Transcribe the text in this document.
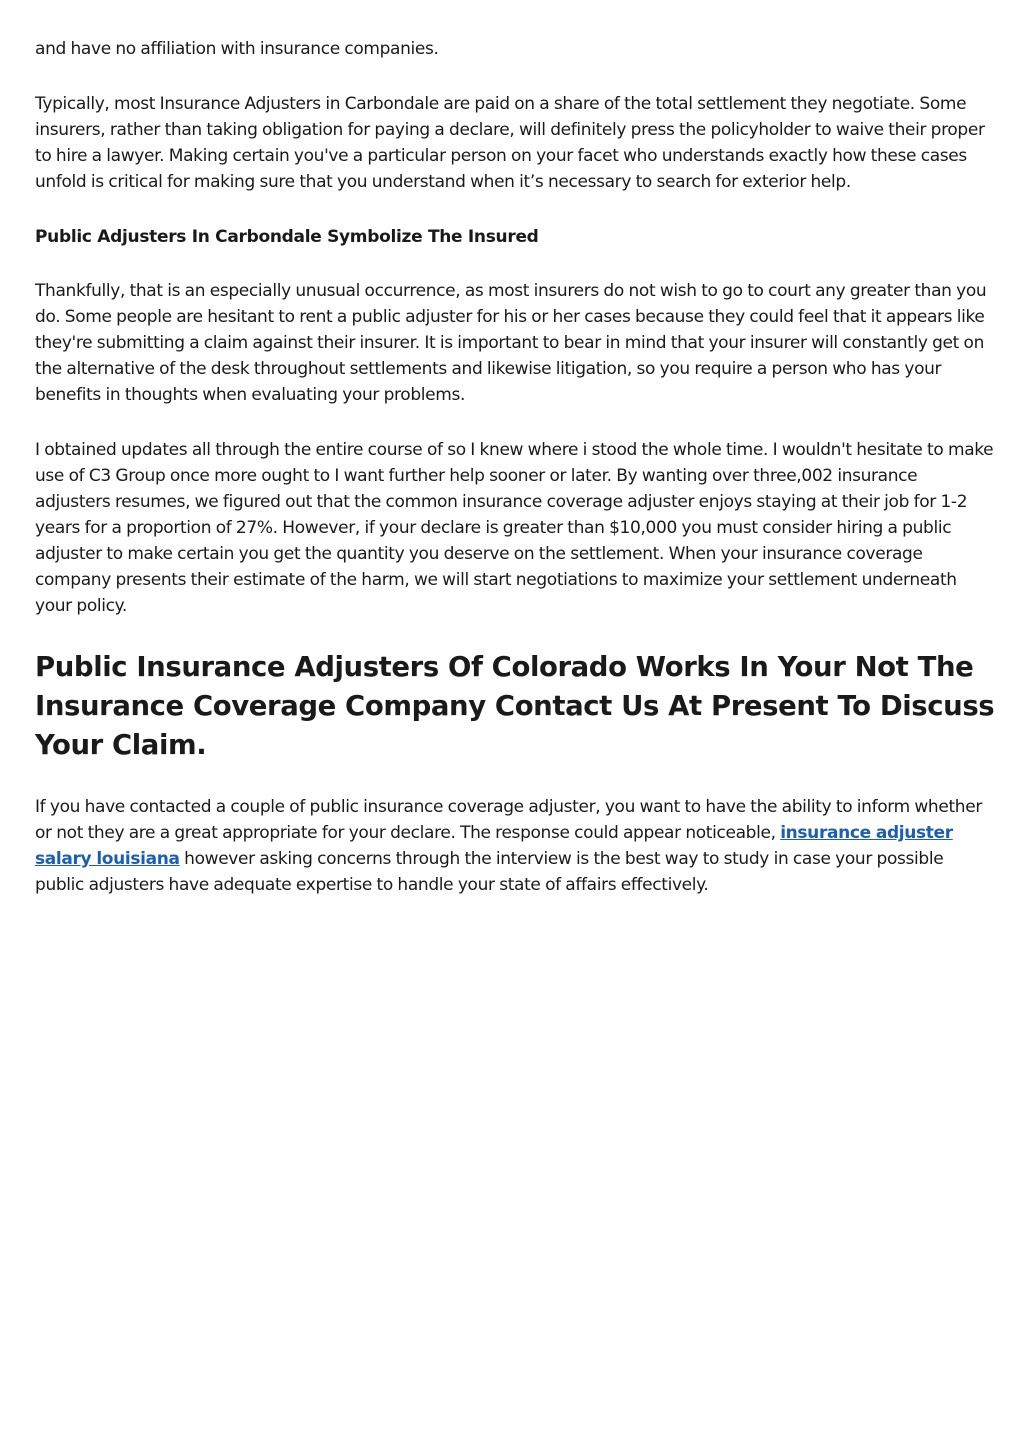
and have no affiliation with insurance companies.

Typically, most Insurance Adjusters in Carbondale are paid on a share of the total settlement they negotiate. Some insurers, rather than taking obligation for paying a declare, will definitely press the policyholder to waive their proper to hire a lawyer. Making certain you've a particular person on your facet who understands exactly how these cases unfold is critical for making sure that you understand when it’s necessary to search for exterior help.

Public Adjusters In Carbondale Symbolize The Insured

Thankfully, that is an especially unusual occurrence, as most insurers do not wish to go to court any greater than you do. Some people are hesitant to rent a public adjuster for his or her cases because they could feel that it appears like they're submitting a claim against their insurer. It is important to bear in mind that your insurer will constantly get on the alternative of the desk throughout settlements and likewise litigation, so you require a person who has your benefits in thoughts when evaluating your problems.

I obtained updates all through the entire course of so I knew where i stood the whole time. I wouldn't hesitate to make use of C3 Group once more ought to I want further help sooner or later. By wanting over three,002 insurance adjusters resumes, we figured out that the common insurance coverage adjuster enjoys staying at their job for 1-2 years for a proportion of 27%. However, if your declare is greater than $10,000 you must consider hiring a public adjuster to make certain you get the quantity you deserve on the settlement. When your insurance coverage company presents their estimate of the harm, we will start negotiations to maximize your settlement underneath your policy.

Public Insurance Adjusters Of Colorado Works In Your Not The Insurance Coverage Company Contact Us At Present To Discuss Your Claim.

If you have contacted a couple of public insurance coverage adjuster, you want to have the ability to inform whether or not they are a great appropriate for your declare. The response could appear noticeable, insurance adjuster salary louisiana however asking concerns through the interview is the best way to study in case your possible public adjusters have adequate expertise to handle your state of affairs effectively.
